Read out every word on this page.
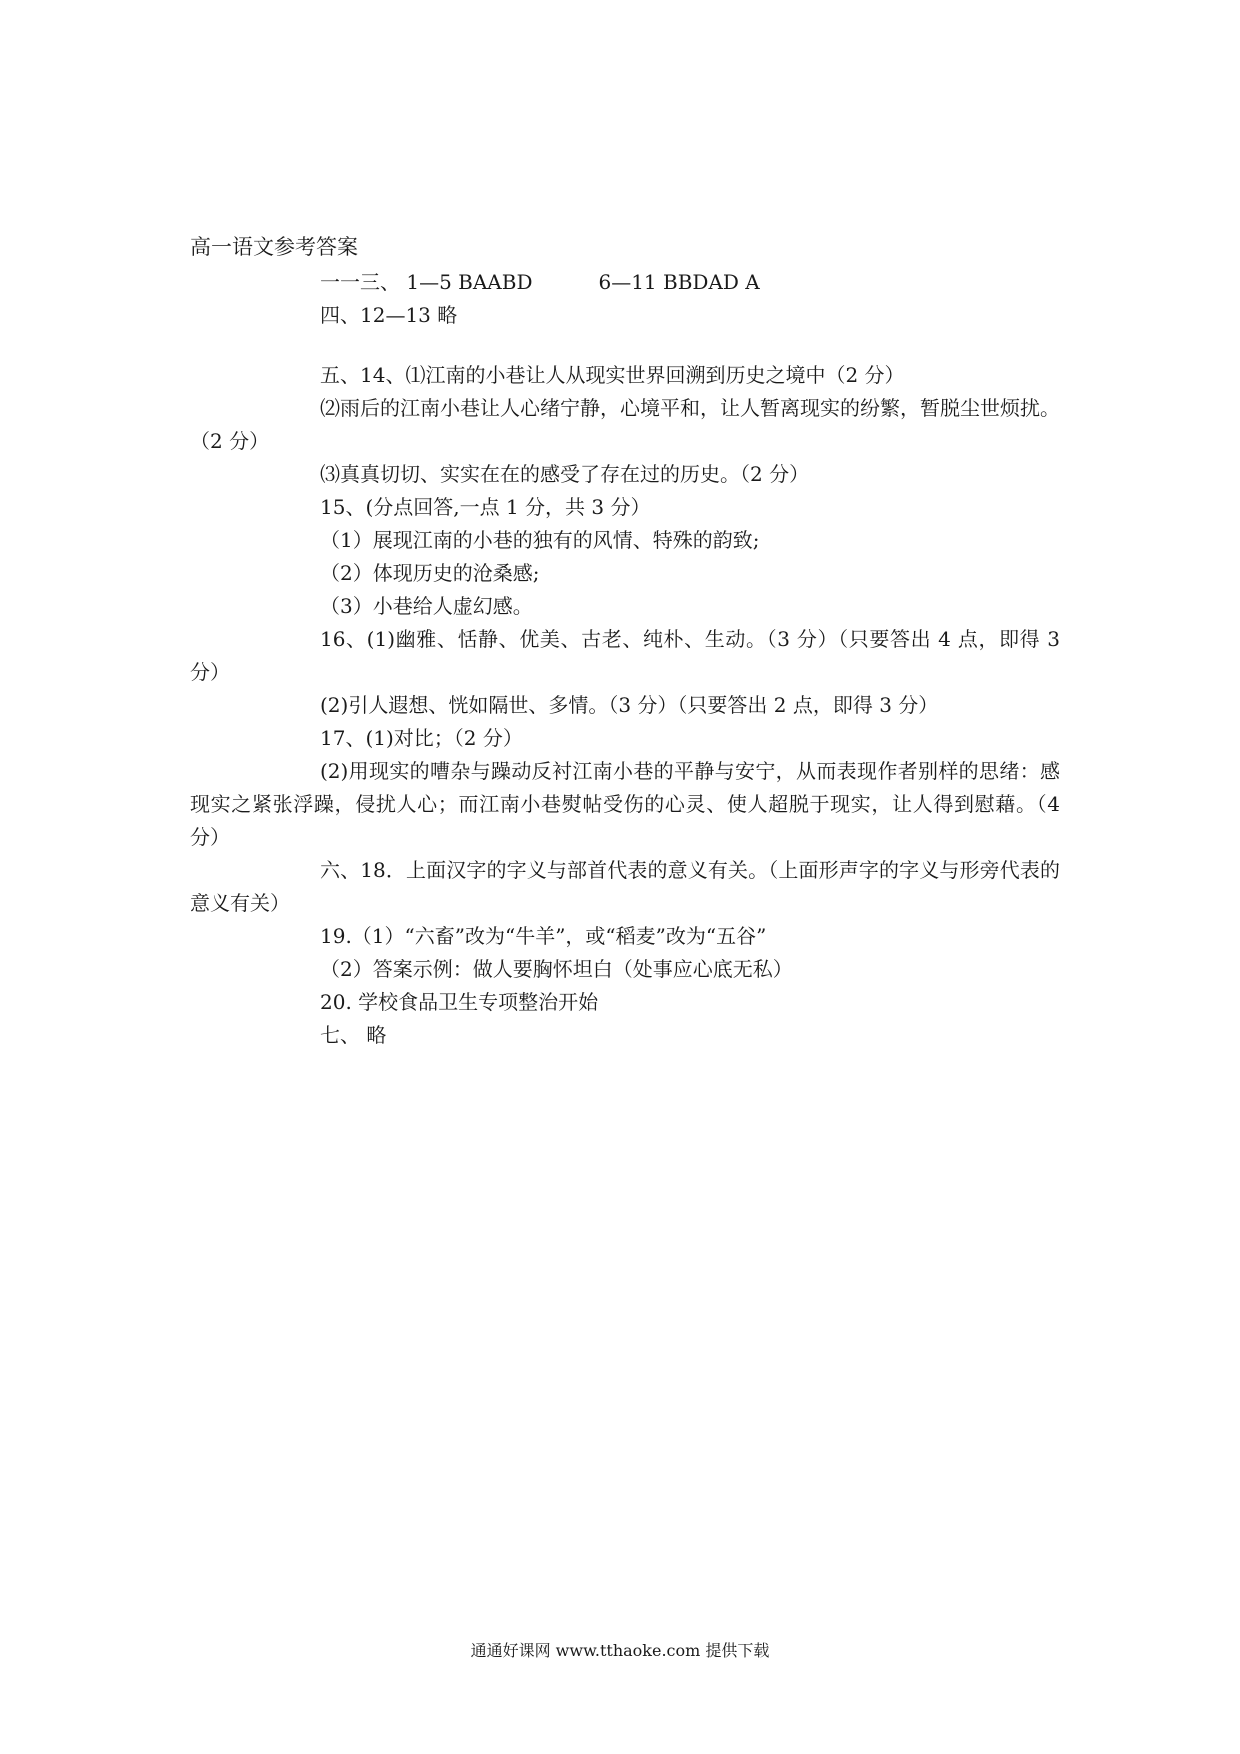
高一语文参考答案

一一三、 1—5 BAABD	6—11 BBDAD A

四、12—13 略

五、14、⑴江南的小巷让人从现实世界回溯到历史之境中（2 分）

⑵雨后的江南小巷让人心绪宁静，心境平和，让人暂离现实的纷繁，暂脱尘世烦扰。（2 分）

⑶真真切切、实实在在的感受了存在过的历史。（2 分）

15、(分点回答,一点 1 分，共 3 分）

（1）展现江南的小巷的独有的风情、特殊的韵致;

（2）体现历史的沧桑感;

（3）小巷给人虚幻感。

16、(1)幽雅、恬静、优美、古老、纯朴、生动。（3 分）（只要答出 4 点，即得 3 分）

(2)引人遐想、恍如隔世、多情。（3 分）（只要答出 2 点，即得 3 分）

17、(1)对比；（2 分）

(2)用现实的嘈杂与躁动反衬江南小巷的平静与安宁，从而表现作者别样的思绪：感现实之紧张浮躁，侵扰人心；而江南小巷熨帖受伤的心灵、使人超脱于现实，让人得到慰藉。（4 分）

六、18．上面汉字的字义与部首代表的意义有关。（上面形声字的字义与形旁代表的意义有关）

19.（1）“六畜”改为“牛羊”，或“稻麦”改为“五谷”

（2）答案示例：做人要胸怀坦白（处事应心底无私）

20. 学校食品卫生专项整治开始

七、 略

通通好课网 www.tthaoke.com 提供下载
